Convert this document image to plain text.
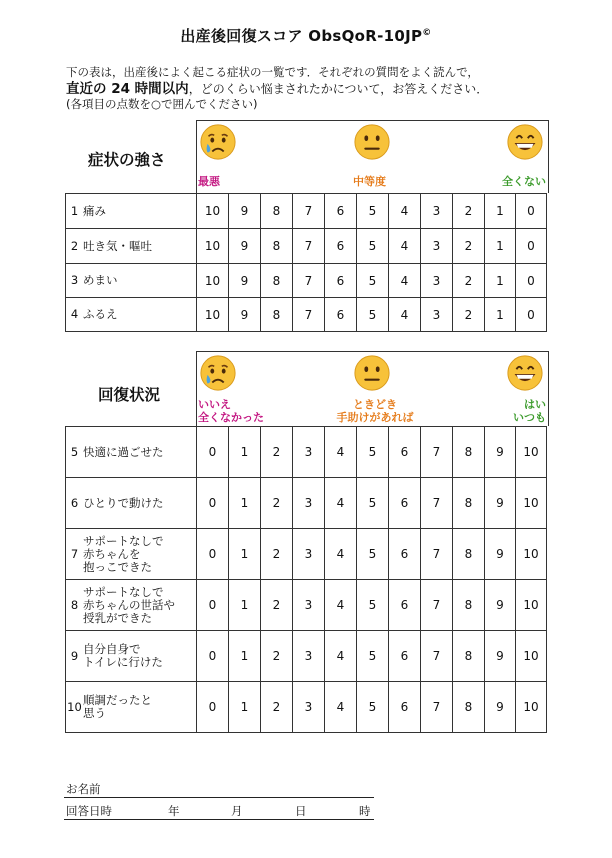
出産後回復スコア ObsQoR-10JP©
下の表は，出産後によく起こる症状の一覧です．それぞれの質問をよく読んで，
直近の 24 時間以内，どのくらい悩まされたかについて，お答えください．
(各項目の点数を○で囲んでください)
症状の強さ
最悪	中等度	全くない
1 痛み	10	9	8	7	6	5	4	3	2	1	0
2 吐き気・嘔吐	10	9	8	7	6	5	4	3	2	1	0
3 めまい	10	9	8	7	6	5	4	3	2	1	0
4 ふるえ	10	9	8	7	6	5	4	3	2	1	0
回復状況
いいえ
全くなかった
ときどき
手助けがあれば
はい
いつも
5 快適に過ごせた	0	1	2	3	4	5	6	7	8	9	10
6 ひとりで動けた	0	1	2	3	4	5	6	7	8	9	10
7サポートなしで
赤ちゃんを
抱っこできた	0	1	2	3	4	5	6	7	8	9	10
8サポートなしで
赤ちゃんの世話や
授乳ができた	0	1	2	3	4	5	6	7	8	9	10
9 自分自身で
トイレに行けた	0	1	2	3	4	5	6	7	8	9	10
10順調だったと
思う	0	1	2	3	4	5	6	7	8	9	10
お名前
回答日時	年	月	日	時
